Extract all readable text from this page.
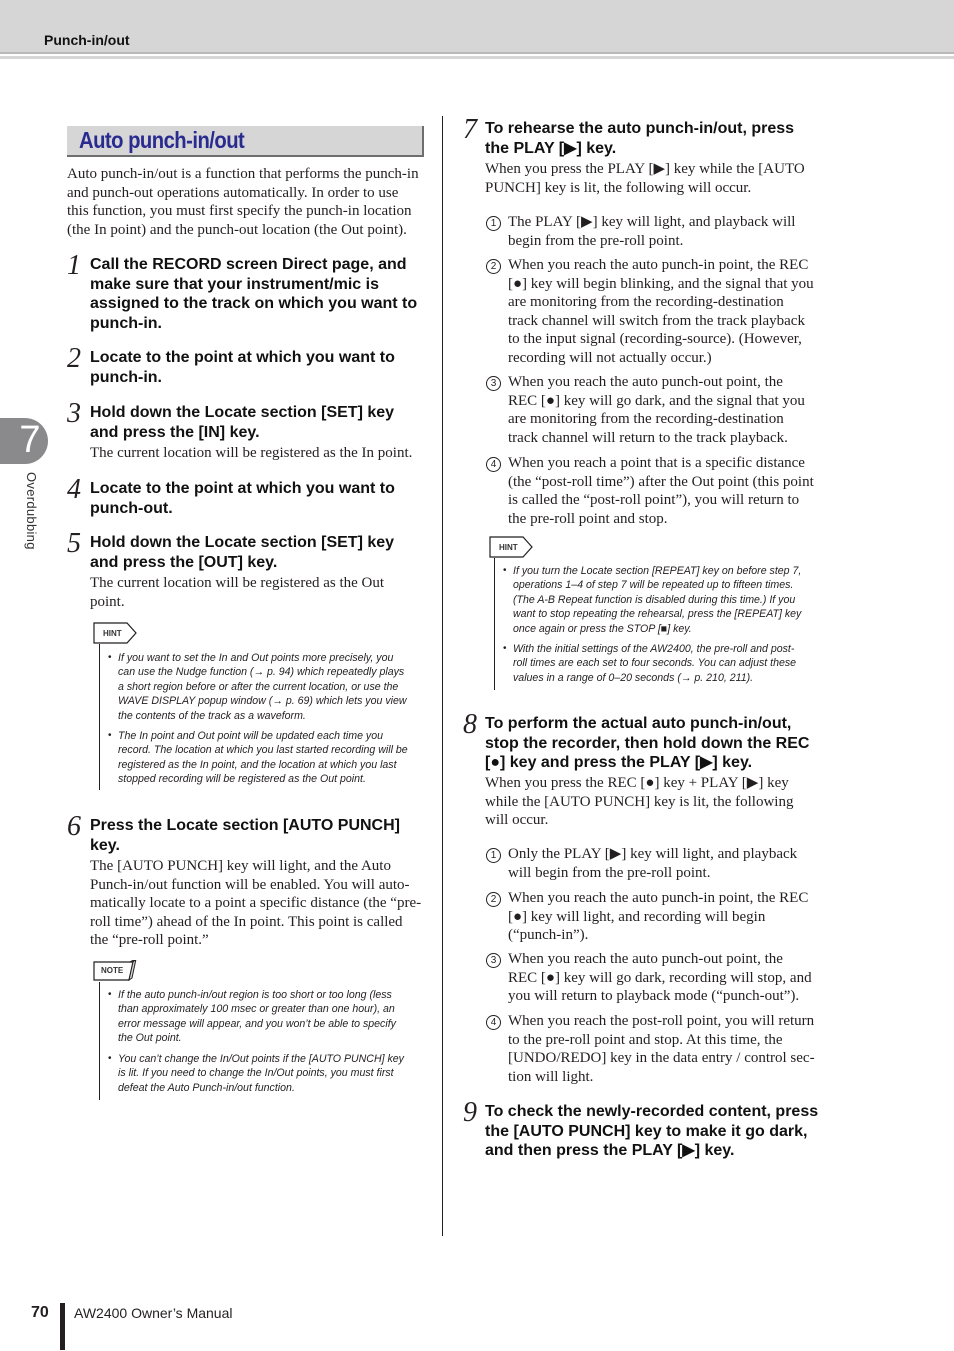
Punch-in/out
7
Overdubbing
Auto punch-in/out
Auto punch-in/out is a function that performs the punch-in
and punch-out operations automatically. In order to use
this function, you must first specify the punch-in location
(the In point) and the punch-out location (the Out point).
1 Call the RECORD screen Direct page, and
make sure that your instrument/mic is
assigned to the track on which you want to
punch-in.
2 Locate to the point at which you want to
punch-in.
3 Hold down the Locate section [SET] key
and press the [IN] key.
The current location will be registered as the In point.
4 Locate to the point at which you want to
punch-out.
5 Hold down the Locate section [SET] key
and press the [OUT] key.
The current location will be registered as the Out
point.
HINT
• If you want to set the In and Out points more precisely, you
can use the Nudge function (→ p. 94) which repeatedly plays
a short region before or after the current location, or use the
WAVE DISPLAY popup window (→ p. 69) which lets you view
the contents of the track as a waveform.
• The In point and Out point will be updated each time you
record. The location at which you last started recording will be
registered as the In point, and the location at which you last
stopped recording will be registered as the Out point.
6 Press the Locate section [AUTO PUNCH]
key.
The [AUTO PUNCH] key will light, and the Auto
Punch-in/out function will be enabled. You will auto-
matically locate to a point a specific distance (the “pre-
roll time”) ahead of the In point. This point is called
the “pre-roll point.”
NOTE
• If the auto punch-in/out region is too short or too long (less
than approximately 100 msec or greater than one hour), an
error message will appear, and you won’t be able to specify
the Out point.
• You can’t change the In/Out points if the [AUTO PUNCH] key
is lit. If you need to change the In/Out points, you must first
defeat the Auto Punch-in/out function.
7 To rehearse the auto punch-in/out, press
the PLAY [▶] key.
When you press the PLAY [▶] key while the [AUTO
PUNCH] key is lit, the following will occur.
1 The PLAY [▶] key will light, and playback will
begin from the pre-roll point.
2 When you reach the auto punch-in point, the REC
[●] key will begin blinking, and the signal that you
are monitoring from the recording-destination
track channel will switch from the track playback
to the input signal (recording-source). (However,
recording will not actually occur.)
3 When you reach the auto punch-out point, the
REC [●] key will go dark, and the signal that you
are monitoring from the recording-destination
track channel will return to the track playback.
4 When you reach a point that is a specific distance
(the “post-roll time”) after the Out point (this point
is called the “post-roll point”), you will return to
the pre-roll point and stop.
HINT
• If you turn the Locate section [REPEAT] key on before step 7,
operations 1–4 of step 7 will be repeated up to fifteen times.
(The A-B Repeat function is disabled during this time.) If you
want to stop repeating the rehearsal, press the [REPEAT] key
once again or press the STOP [■] key.
• With the initial settings of the AW2400, the pre-roll and post-
roll times are each set to four seconds. You can adjust these
values in a range of 0–20 seconds (→ p. 210, 211).
8 To perform the actual auto punch-in/out,
stop the recorder, then hold down the REC
[●] key and press the PLAY [▶] key.
When you press the REC [●] key + PLAY [▶] key
while the [AUTO PUNCH] key is lit, the following
will occur.
1 Only the PLAY [▶] key will light, and playback
will begin from the pre-roll point.
2 When you reach the auto punch-in point, the REC
[●] key will light, and recording will begin
(“punch-in”).
3 When you reach the auto punch-out point, the
REC [●] key will go dark, recording will stop, and
you will return to playback mode (“punch-out”).
4 When you reach the post-roll point, you will return
to the pre-roll point and stop. At this time, the
[UNDO/REDO] key in the data entry / control sec-
tion will light.
9 To check the newly-recorded content, press
the [AUTO PUNCH] key to make it go dark,
and then press the PLAY [▶] key.
70 AW2400 Owner’s Manual
